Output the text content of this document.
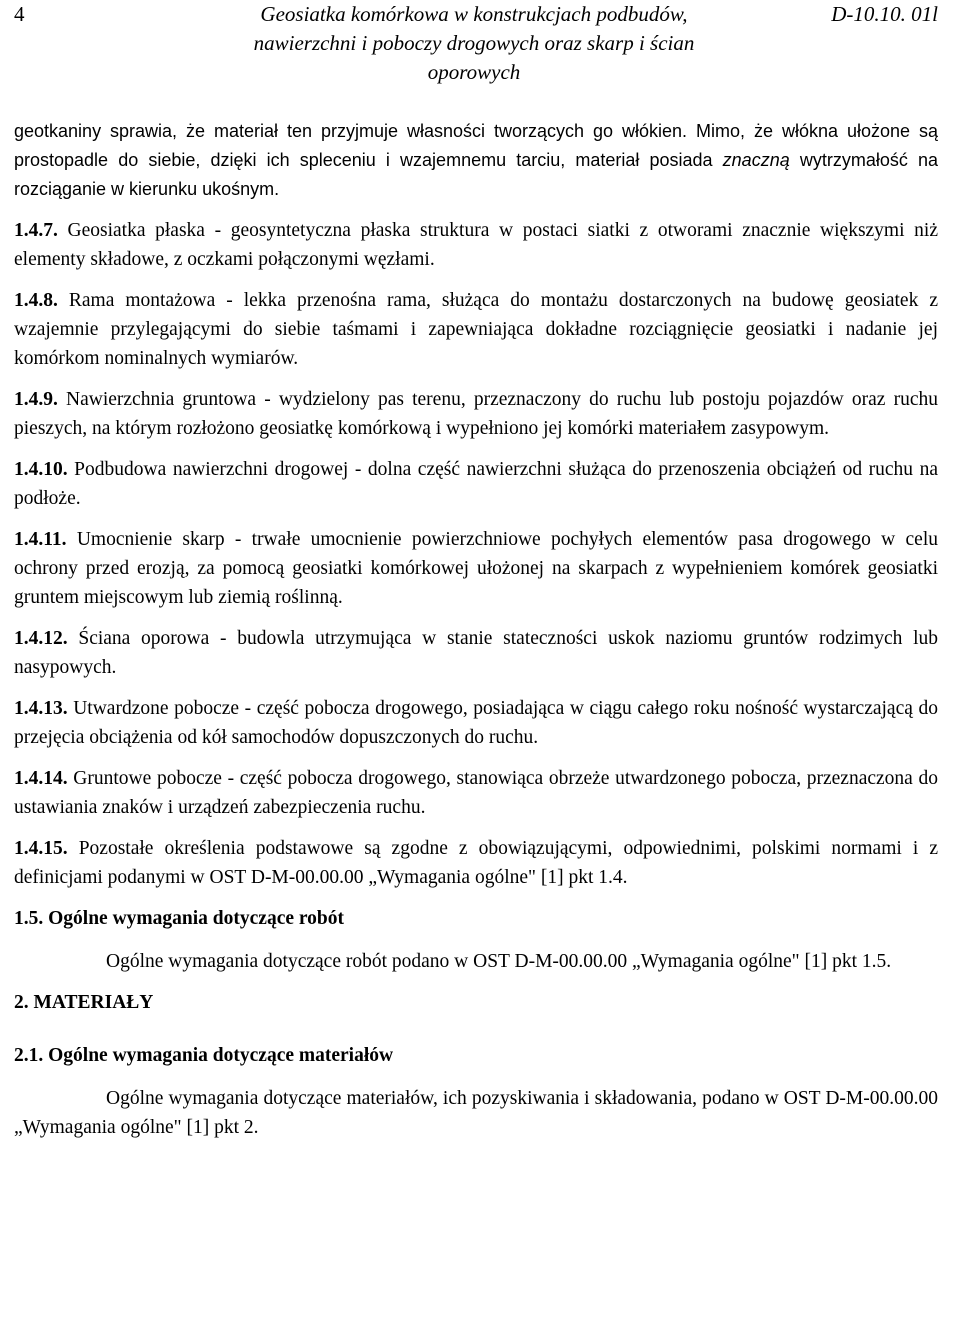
4	Geosiatka komórkowa w konstrukcjach podbudów,
nawierzchni i poboczy drogowych oraz skarp i ścian
oporowych
D-10.10. 01l

geotkaniny sprawia, że materiał ten przyjmuje własności tworzących go włókien. Mimo, że włókna ułożone są prostopadle do siebie, dzięki ich spleceniu i wzajemnemu tarciu, materiał posiada znaczną wytrzymałość na rozciąganie w kierunku ukośnym.

1.4.7. Geosiatka płaska - geosyntetyczna płaska struktura w postaci siatki z otworami znacznie większymi niż elementy składowe, z oczkami połączonymi węzłami.

1.4.8. Rama montażowa - lekka przenośna rama, służąca do montażu dostarczonych na budowę geosiatek z wzajemnie przylegającymi do siebie taśmami i zapewniająca dokładne rozciągnięcie geosiatki i nadanie jej komórkom nominalnych wymiarów.

1.4.9. Nawierzchnia gruntowa - wydzielony pas terenu, przeznaczony do ruchu lub postoju pojazdów oraz ruchu pieszych, na którym rozłożono geosiatkę komórkową i wypełniono jej komórki materiałem zasypowym.

1.4.10. Podbudowa nawierzchni drogowej - dolna część nawierzchni służąca do przenoszenia obciążeń od ruchu na podłoże.

1.4.11. Umocnienie skarp - trwałe umocnienie powierzchniowe pochyłych elementów pasa drogowego w celu ochrony przed erozją, za pomocą geosiatki komórkowej ułożonej na skarpach z wypełnieniem komórek geosiatki gruntem miejscowym lub ziemią roślinną.

1.4.12. Ściana oporowa - budowla utrzymująca w stanie stateczności uskok naziomu gruntów rodzimych lub nasypowych.

1.4.13. Utwardzone pobocze - część pobocza drogowego, posiadająca w ciągu całego roku nośność wystarczającą do przejęcia obciążenia od kół samochodów dopuszczonych do ruchu.

1.4.14. Gruntowe pobocze - część pobocza drogowego, stanowiąca obrzeże utwardzonego pobocza, przeznaczona do ustawiania znaków i urządzeń zabezpieczenia ruchu.

1.4.15. Pozostałe określenia podstawowe są zgodne z obowiązującymi, odpowiednimi, polskimi normami i z definicjami podanymi w OST D-M-00.00.00 „Wymagania ogólne" [1] pkt 1.4.

1.5. Ogólne wymagania dotyczące robót

Ogólne wymagania dotyczące robót podano w OST D-M-00.00.00 „Wymagania ogólne" [1] pkt 1.5.

2. MATERIAŁY
2.1. Ogólne wymagania dotyczące materiałów

Ogólne wymagania dotyczące materiałów, ich pozyskiwania i składowania, podano w OST D-M-00.00.00 „Wymagania ogólne" [1] pkt 2.
